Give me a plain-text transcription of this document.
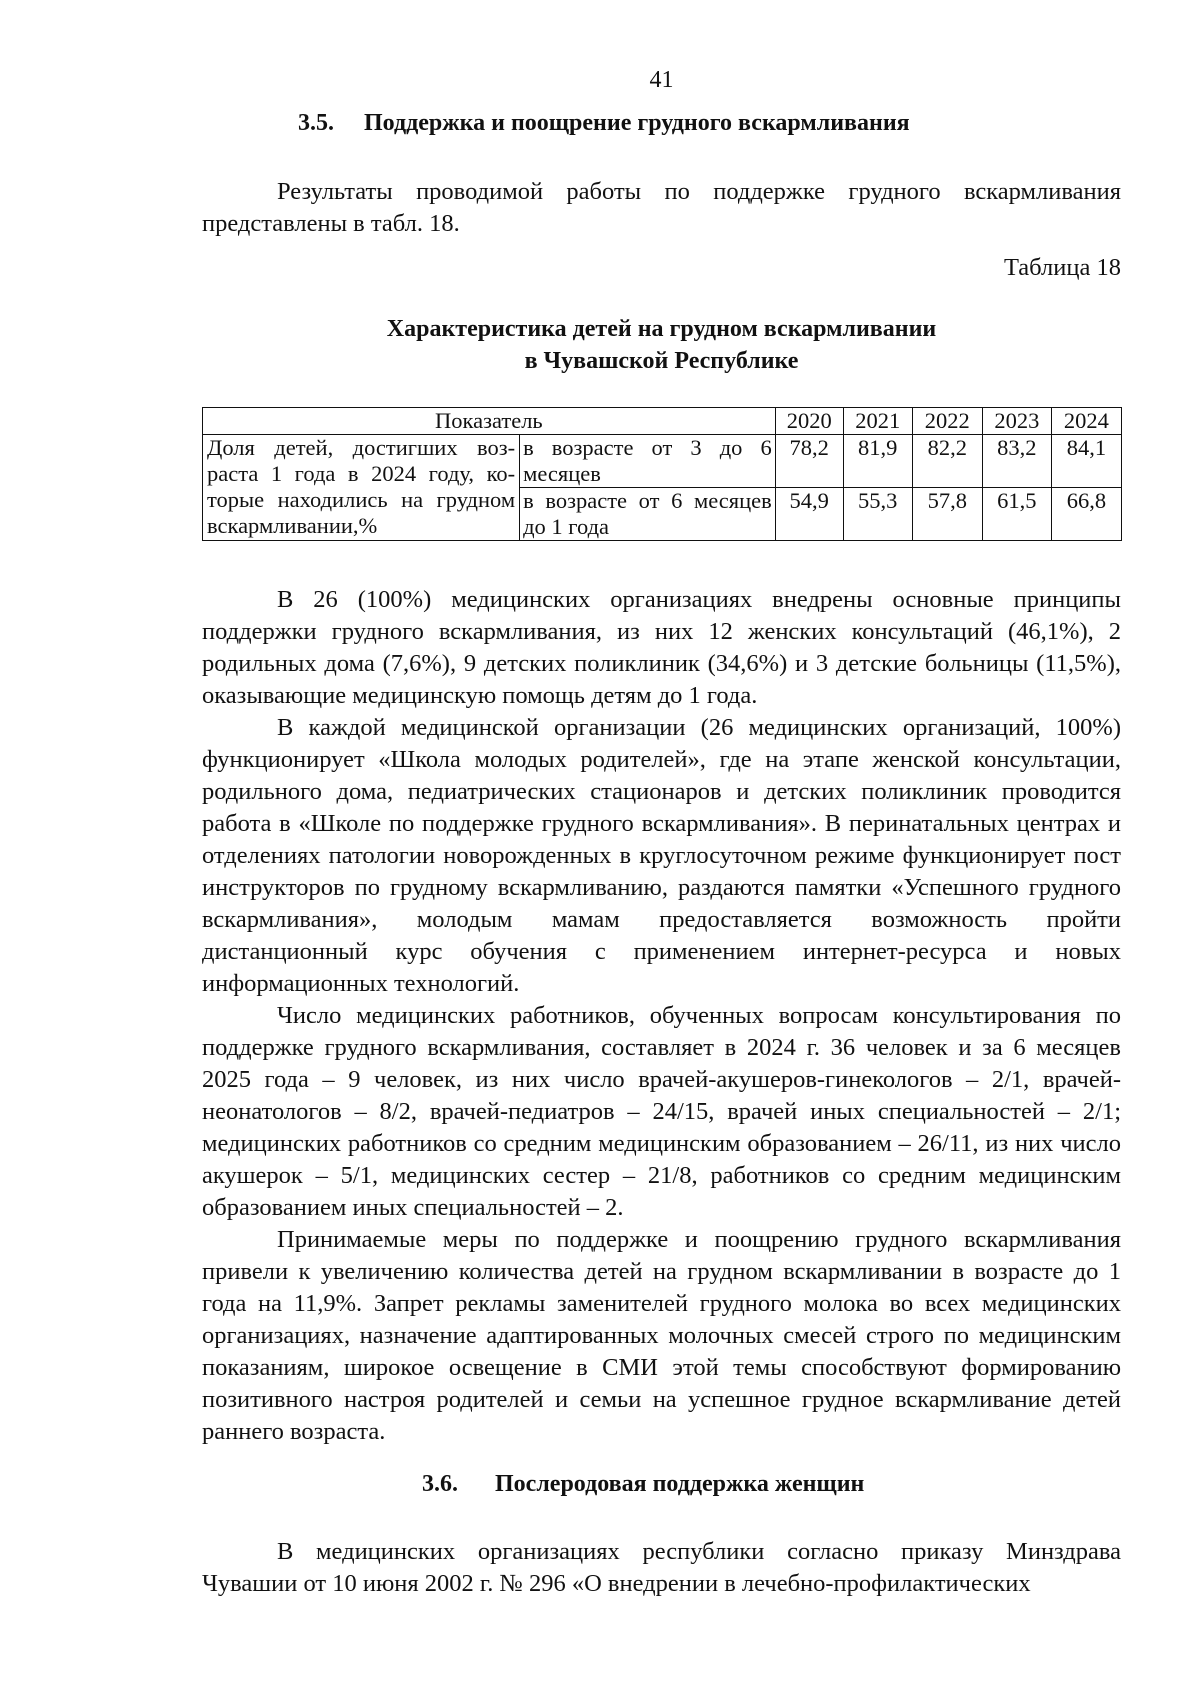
41
3.5. Поддержка и поощрение грудного вскармливания

Результаты проводимой работы по поддержке грудного вскармливания представлены в табл. 18.

Таблица 18
Характеристика детей на грудном вскармливании
в Чувашской Республике
Показатель		2020	2021	2022	2023	2024
Доля детей, достигших возраста 1 года в 2024 году, которые находились на грудном вскармливании,%	в возрасте от 3 до 6 месяцев	78,2	81,9	82,2	83,2	84,1
	в возрасте от 6 месяцев до 1 года	54,9	55,3	57,8	61,5	66,8

В 26 (100%) медицинских организациях внедрены основные принципы поддержки грудного вскармливания, из них 12 женских консультаций (46,1%), 2 родильных дома (7,6%), 9 детских поликлиник (34,6%) и 3 детские больницы (11,5%), оказывающие медицинскую помощь детям до 1 года.

В каждой медицинской организации (26 медицинских организаций, 100%) функционирует «Школа молодых родителей», где на этапе женской консультации, родильного дома, педиатрических стационаров и детских поликлиник проводится работа в «Школе по поддержке грудного вскармливания». В перинатальных центрах и отделениях патологии новорожденных в круглосуточном режиме функционирует пост инструкторов по грудному вскармливанию, раздаются памятки «Успешного грудного вскармливания», молодым мамам предоставляется возможность пройти дистанционный курс обучения с применением интернет-ресурса и новых информационных технологий.

Число медицинских работников, обученных вопросам консультирования по поддержке грудного вскармливания, составляет в 2024 г. 36 человек и за 6 месяцев 2025 года – 9 человек, из них число врачей-акушеров-гинекологов – 2/1, врачей-неонатологов – 8/2, врачей-педиатров – 24/15, врачей иных специальностей – 2/1; медицинских работников со средним медицинским образованием – 26/11, из них число акушерок – 5/1, медицинских сестер – 21/8, работников со средним медицинским образованием иных специальностей – 2.

Принимаемые меры по поддержке и поощрению грудного вскармливания привели к увеличению количества детей на грудном вскармливании в возрасте до 1 года на 11,9%. Запрет рекламы заменителей грудного молока во всех медицинских организациях, назначение адаптированных молочных смесей строго по медицинским показаниям, широкое освещение в СМИ этой темы способствуют формированию позитивного настроя родителей и семьи на успешное грудное вскармливание детей раннего возраста.

3.6. Послеродовая поддержка женщин

В медицинских организациях республики согласно приказу Минздрава Чувашии от 10 июня 2002 г. № 296 «О внедрении в лечебно-профилактических
